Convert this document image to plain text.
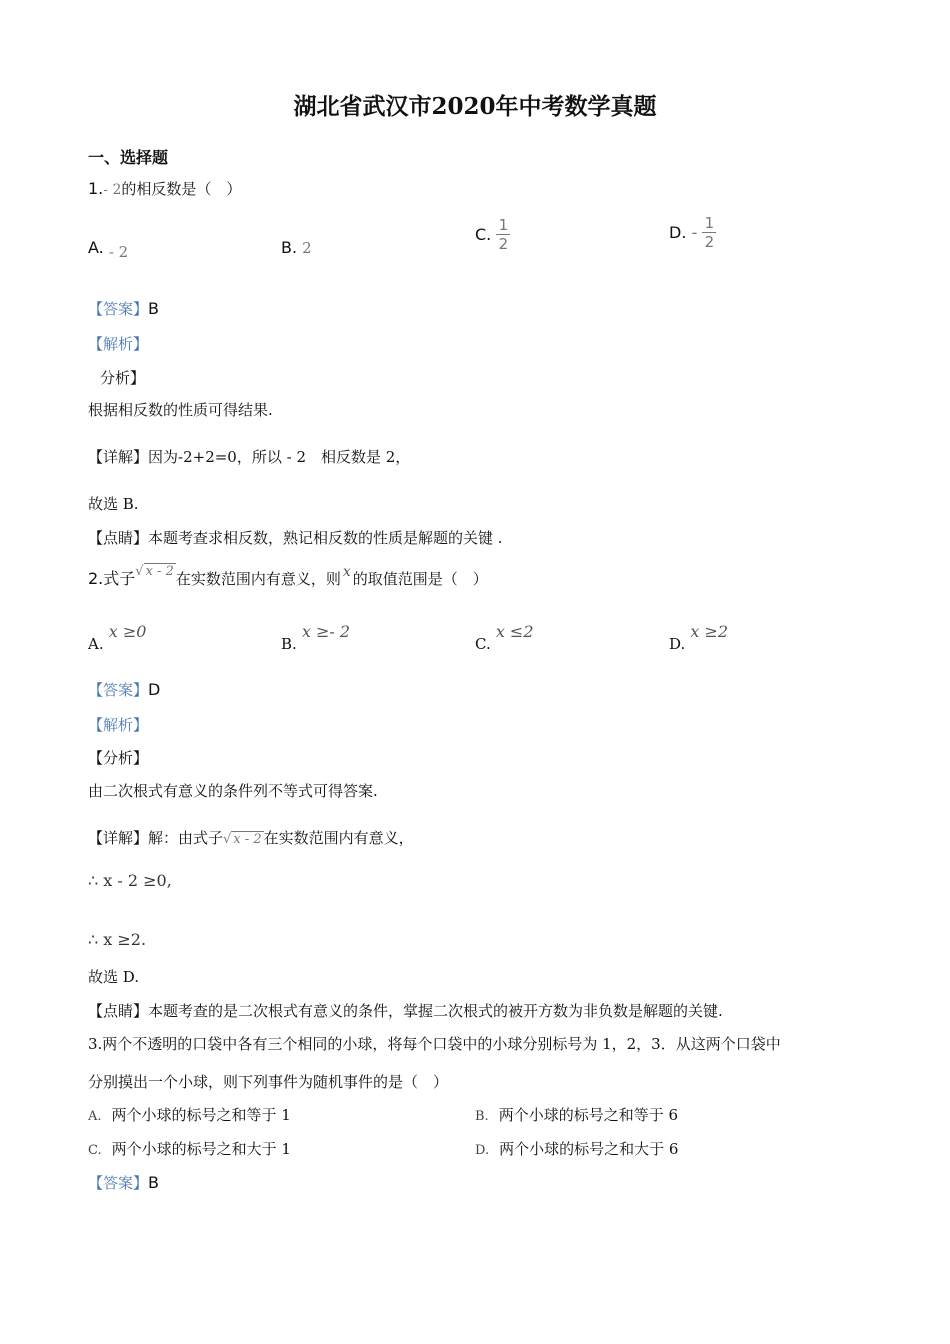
湖北省武汉市2020年中考数学真题
一、选择题
1.- 2的相反数是（　）
A. - 2	B. 2
C. $\frac{1}{2}$	D. - $\frac{1}{2}$
【答案】B
【解析】
分析】
根据相反数的性质可得结果.
【详解】因为-2+2=0，所以 - 2　相反数是 2，
故选 B.
【点睛】本题考查求相反数，熟记相反数的性质是解题的关键 .
2.式子√ x - 2 在实数范围内有意义，则 x 的取值范围是（　）
A. x ≥0
B. x ≥- 2
C. x ≤2
D. x ≥2
【答案】D
【解析】
【分析】
由二次根式有意义的条件列不等式可得答案.
【详解】解：由式子√ x - 2 在实数范围内有意义，
∴ x - 2 ≥0,
∴ x ≥2.
故选 D.
【点睛】本题考查的是二次根式有意义的条件，掌握二次根式的被开方数为非负数是解题的关键.
3.两个不透明的口袋中各有三个相同的小球，将每个口袋中的小球分别标号为 1，2，3．从这两个口袋中
分别摸出一个小球，则下列事件为随机事件的是（　）
A. 两个小球的标号之和等于 1	B. 两个小球的标号之和等于 6
C. 两个小球的标号之和大于 1	D. 两个小球的标号之和大于 6
【答案】B
